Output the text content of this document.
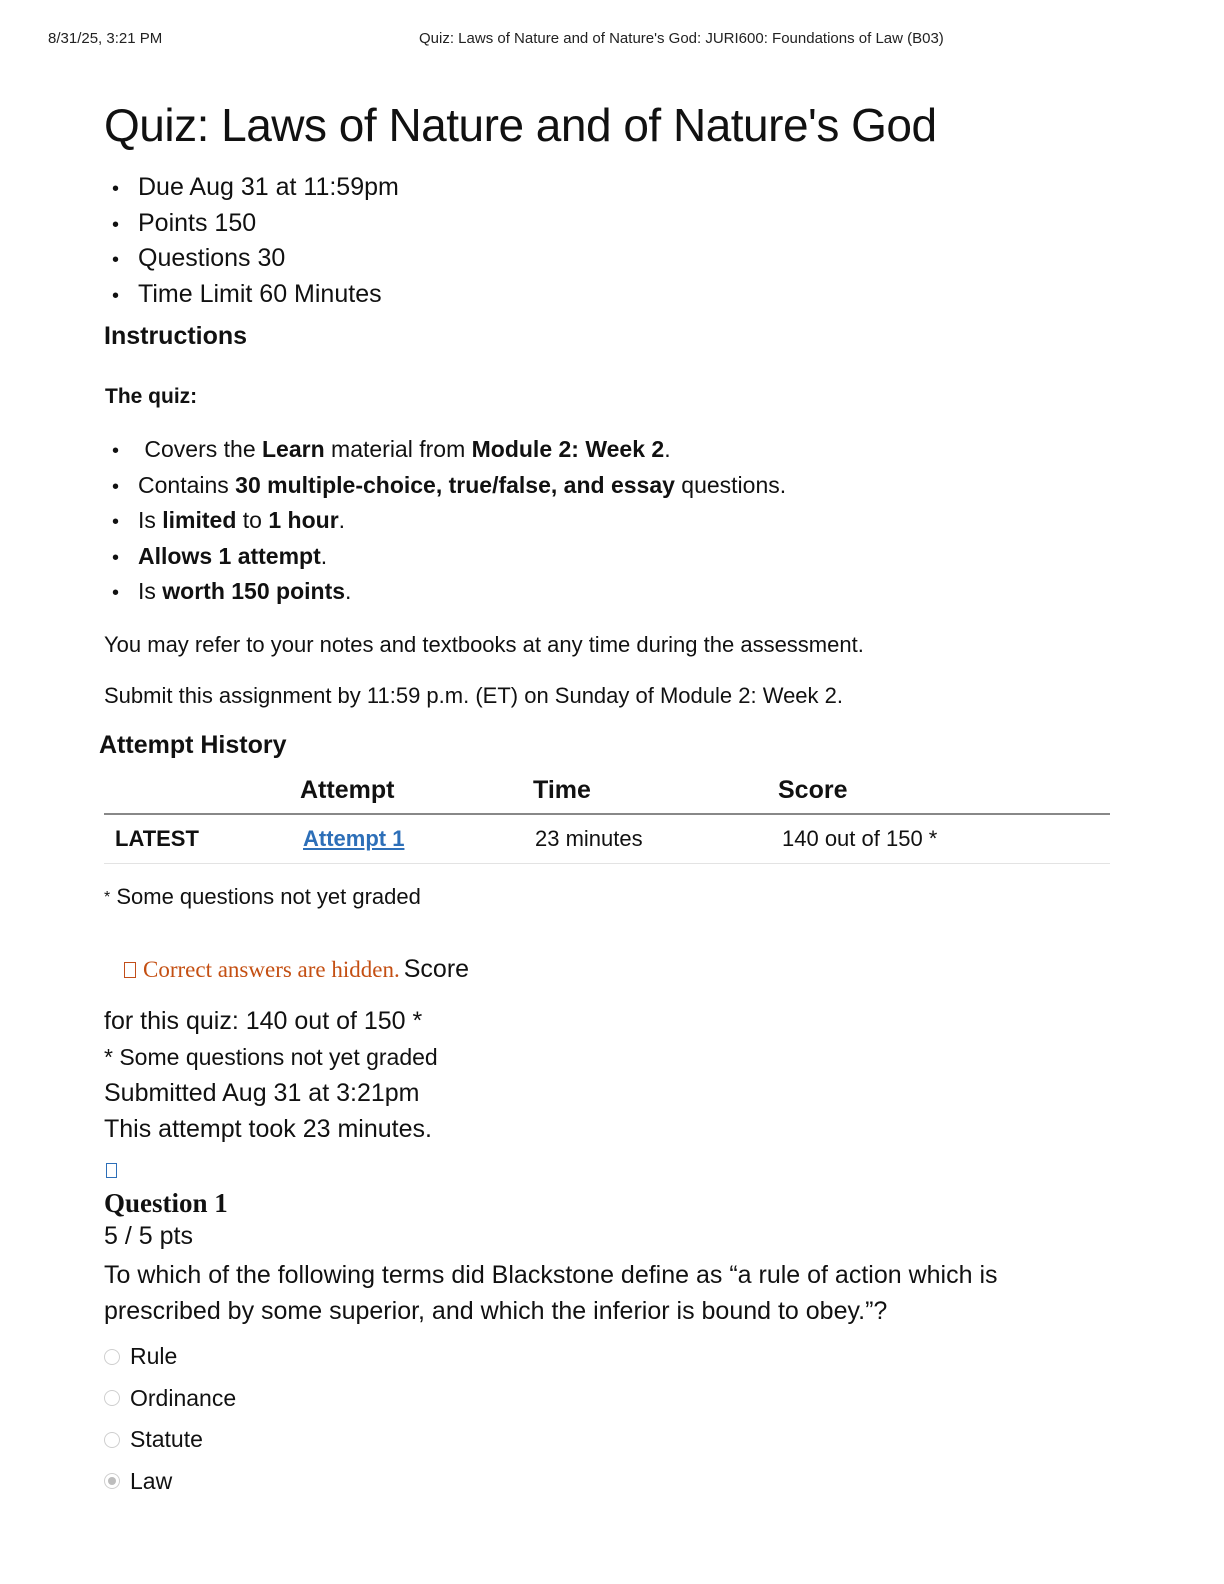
8/31/25, 3:21 PM	Quiz: Laws of Nature and of Nature's God: JURI600: Foundations of Law (B03)
Quiz: Laws of Nature and of Nature's God
• Due Aug 31 at 11:59pm
• Points 150
• Questions 30
• Time Limit 60 Minutes
Instructions
The quiz:
• Covers the Learn material from Module 2: Week 2.
• Contains 30 multiple-choice, true/false, and essay questions.
• Is limited to 1 hour.
• Allows 1 attempt.
• Is worth 150 points.
You may refer to your notes and textbooks at any time during the assessment.
Submit this assignment by 11:59 p.m. (ET) on Sunday of Module 2: Week 2.
Attempt History
	Attempt	Time	Score
LATEST	Attempt 1	23 minutes	140 out of 150 *
* Some questions not yet graded
Correct answers are hidden. Score
for this quiz: 140 out of 150 *
* Some questions not yet graded
Submitted Aug 31 at 3:21pm
This attempt took 23 minutes.
Question 1
5 / 5 pts
To which of the following terms did Blackstone define as “a rule of action which is prescribed by some superior, and which the inferior is bound to obey.”?
Rule
Ordinance
Statute
Law
